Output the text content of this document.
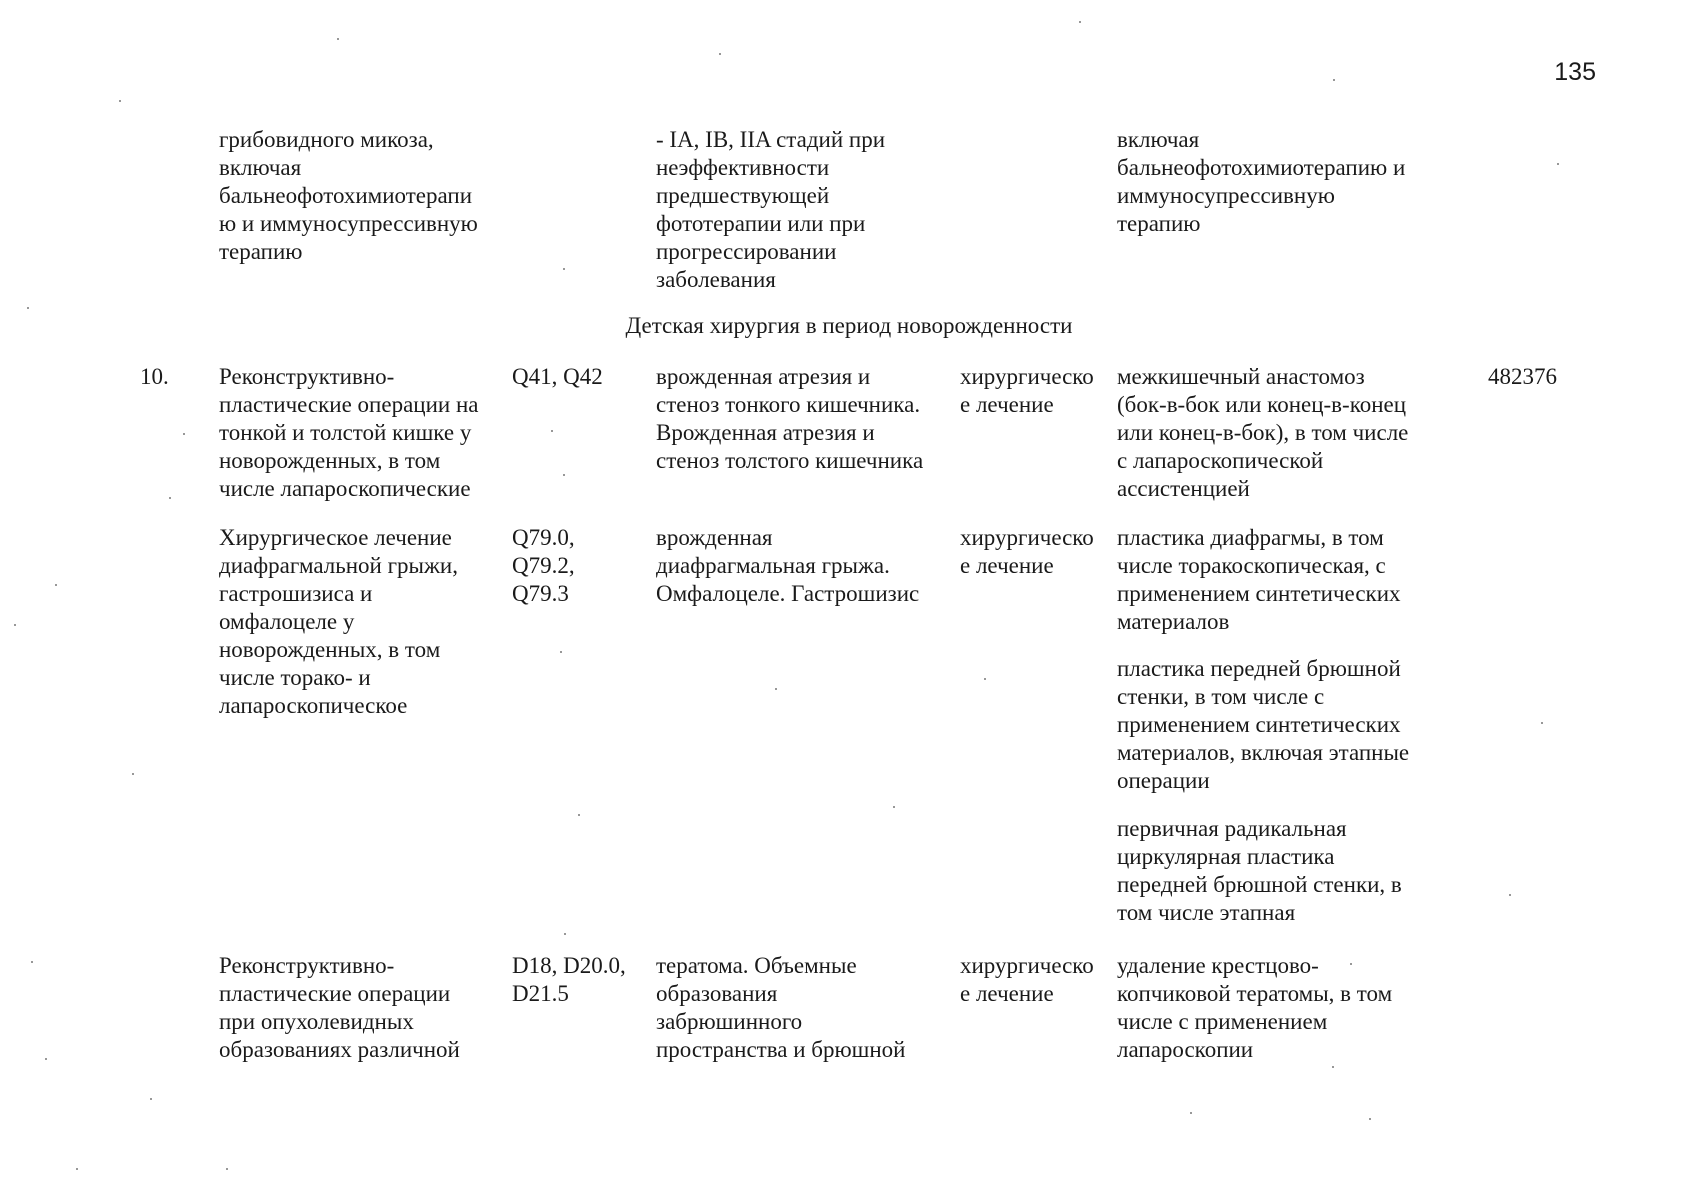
135
грибовидного микоза,
включая
бальнеофотохимиотерапи
ю и иммуносупрессивную
терапию
- IA, IB, IIA стадий при
неэффективности
предшествующей
фототерапии или при
прогрессировании
заболевания
включая
бальнеофотохимиотерапию и
иммуносупрессивную
терапию
Детская хирургия в период новорожденности
10. Реконструктивно-
пластические операции на
тонкой и толстой кишке у
новорожденных, в том
числе лапароскопические
Q41, Q42	врожденная атрезия и
стеноз тонкого кишечника.
Врожденная атрезия и
стеноз толстого кишечника
хирургическо
е лечение
межкишечный анастомоз
(бок-в-бок или конец-в-конец
или конец-в-бок), в том числе
с лапароскопической
ассистенцией
482376
Хирургическое лечение
диафрагмальной грыжи,
гастрошизиса и
омфалоцеле у
новорожденных, в том
числе торако- и
лапароскопическое
Q79.0,
Q79.2,
Q79.3
врожденная
диафрагмальная грыжа.
Омфалоцеле. Гастрошизис
хирургическо
е лечение
пластика диафрагмы, в том
числе торакоскопическая, с
применением синтетических
материалов
пластика передней брюшной
стенки, в том числе с
применением синтетических
материалов, включая этапные
операции
первичная радикальная
циркулярная пластика
передней брюшной стенки, в
том числе этапная
Реконструктивно-
пластические операции
при опухолевидных
образованиях различной
D18, D20.0,
D21.5
тератома. Объемные
образования
забрюшинного
пространства и брюшной
хирургическо
е лечение
удаление крестцово-
копчиковой тератомы, в том
числе с применением
лапароскопии
